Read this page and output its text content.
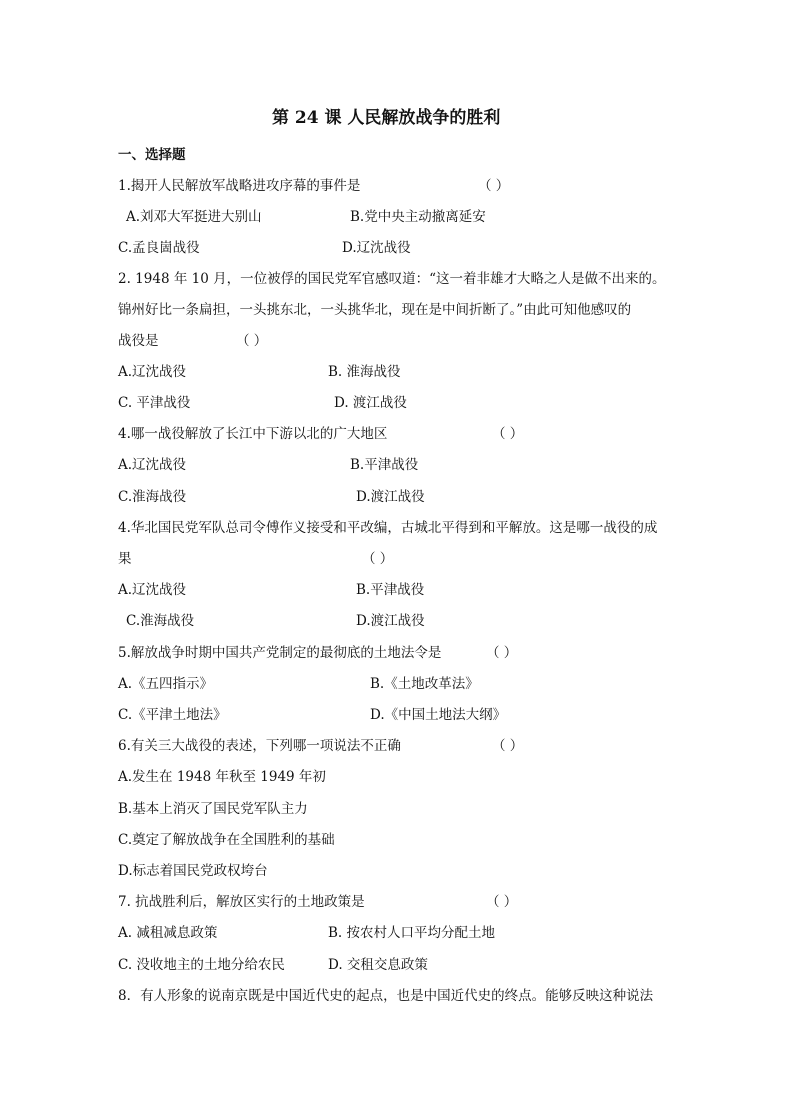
第 24 课 人民解放战争的胜利
一、选择题
1.揭开人民解放军战略进攻序幕的事件是	（ ）
A.刘邓大军挺进大别山	B.党中央主动撤离延安
C.孟良崮战役	D.辽沈战役
2. 1948 年 10 月，一位被俘的国民党军官感叹道：“这一着非雄才大略之人是做不出来的。
锦州好比一条扁担，一头挑东北，一头挑华北，现在是中间折断了。”由此可知他感叹的
战役是	（ ）
A.辽沈战役	B. 淮海战役
C. 平津战役	D. 渡江战役
4.哪一战役解放了长江中下游以北的广大地区	（ ）
A.辽沈战役	B.平津战役
C.淮海战役	D.渡江战役
4.华北国民党军队总司令傅作义接受和平改编，古城北平得到和平解放。这是哪一战役的成
果	（ ）
A.辽沈战役	B.平津战役
C.淮海战役	D.渡江战役
5.解放战争时期中国共产党制定的最彻底的土地法令是	（ ）
A.《五四指示》	B.《土地改革法》
C.《平津土地法》	D.《中国土地法大纲》
6.有关三大战役的表述，下列哪一项说法不正确	（ ）
A.发生在 1948 年秋至 1949 年初
B.基本上消灭了国民党军队主力
C.奠定了解放战争在全国胜利的基础
D.标志着国民党政权垮台
7. 抗战胜利后，解放区实行的土地政策是	（ ）
A. 减租减息政策	B. 按农村人口平均分配土地
C. 没收地主的土地分给农民	D. 交租交息政策
8．有人形象的说南京既是中国近代史的起点，也是中国近代史的终点。能够反映这种说法
